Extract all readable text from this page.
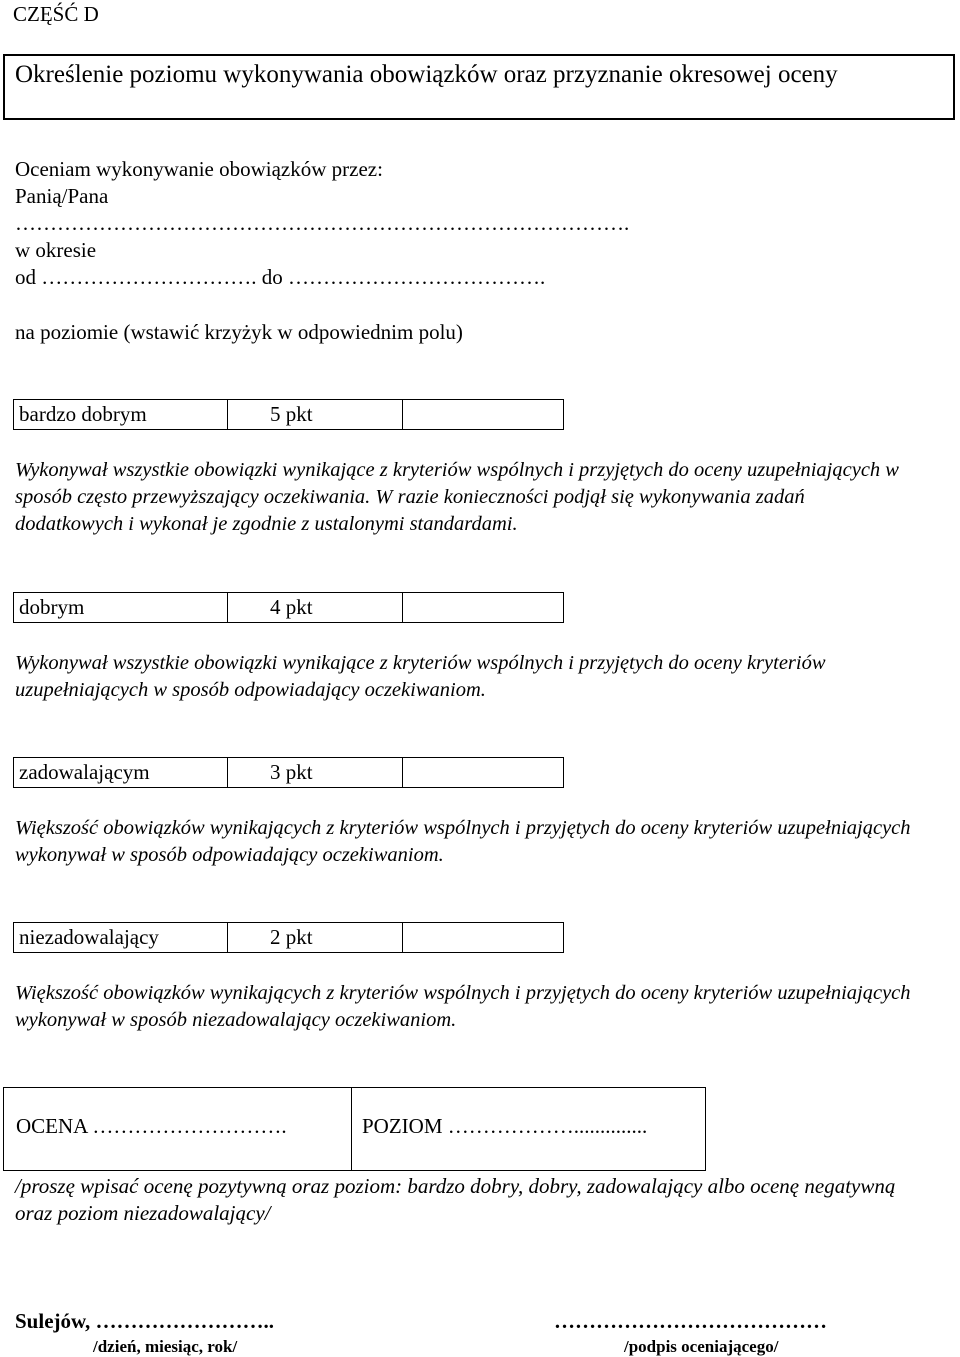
CZĘŚĆ D
Określenie poziomu wykonywania obowiązków oraz przyznanie okresowej oceny
Oceniam wykonywanie obowiązków przez:
Panią/Pana
…………………………………………………………………………….
w okresie
od …………………………. do ……………………………….
na poziomie (wstawić krzyżyk w odpowiednim polu)
bardzo dobrym	5 pkt
Wykonywał wszystkie obowiązki wynikające z kryteriów wspólnych i przyjętych do oceny uzupełniających w sposób często przewyższający oczekiwania. W razie konieczności podjął się wykonywania zadań dodatkowych i wykonał je zgodnie z ustalonymi standardami.
dobrym	4 pkt
Wykonywał wszystkie obowiązki wynikające z kryteriów wspólnych i przyjętych do oceny kryteriów uzupełniających w sposób odpowiadający oczekiwaniom.
zadowalającym	3 pkt
Większość obowiązków wynikających z kryteriów wspólnych i przyjętych do oceny kryteriów uzupełniających wykonywał w sposób odpowiadający oczekiwaniom.
niezadowalający	2 pkt
Większość obowiązków wynikających z kryteriów wspólnych i przyjętych do oceny kryteriów uzupełniających wykonywał w sposób niezadowalający oczekiwaniom.
OCENA ……………………….	POZIOM ………………..............
/proszę wpisać ocenę pozytywną oraz poziom: bardzo dobry, dobry, zadowalający albo ocenę negatywną oraz poziom niezadowalający/
Sulejów, ……………………..
/dzień, miesiąc, rok/
…………………………………
/podpis oceniającego/
